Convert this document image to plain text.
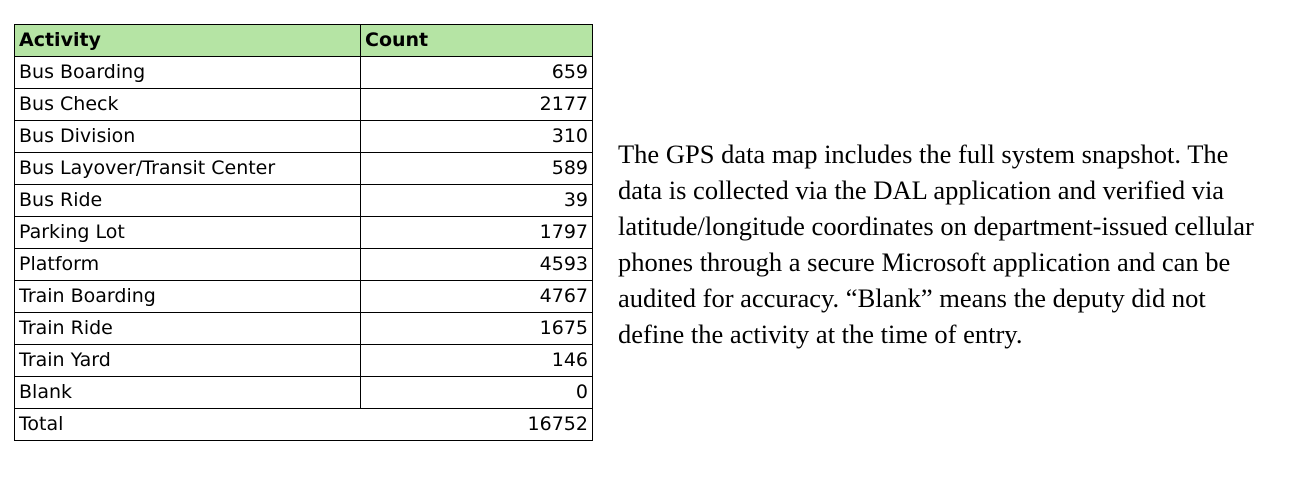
Activity	Count
Bus Boarding	659
Bus Check	2177
Bus Division	310
Bus Layover/Transit Center	589
Bus Ride	39
Parking Lot	1797
Platform	4593
Train Boarding	4767
Train Ride	1675
Train Yard	146
Blank	0
Total	16752

The GPS data map includes the full system snapshot. The data is collected via the DAL application and verified via latitude/longitude coordinates on department-issued cellular phones through a secure Microsoft application and can be audited for accuracy. “Blank” means the deputy did not define the activity at the time of entry.
